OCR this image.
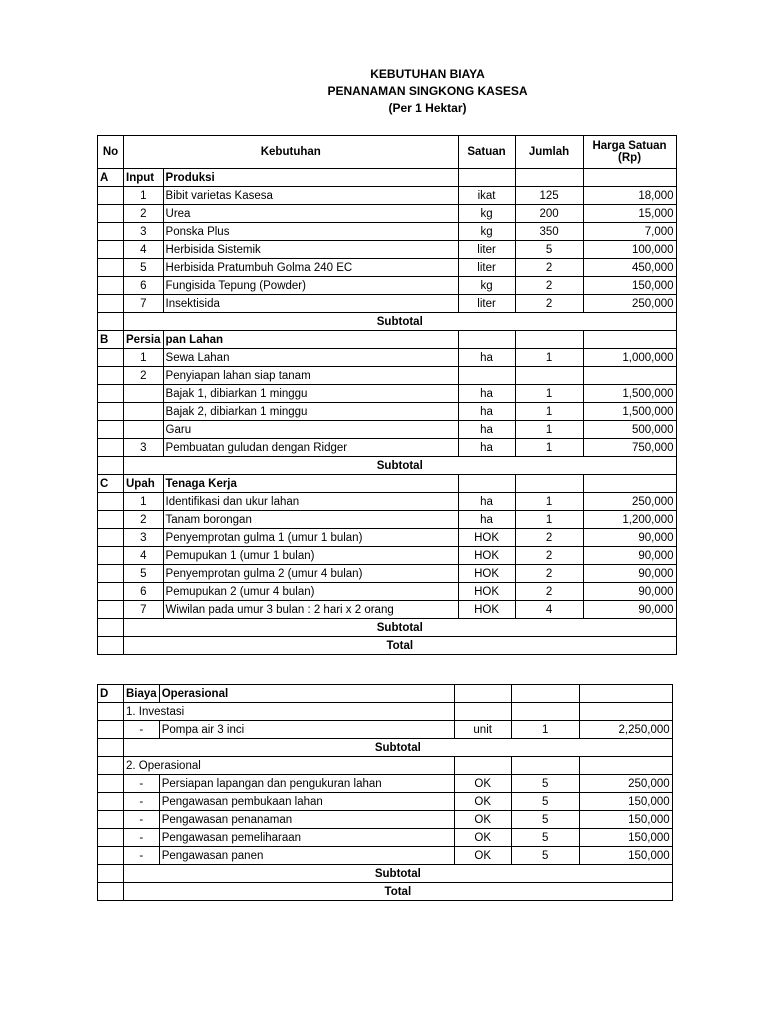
KEBUTUHAN BIAYA
PENANAMAN SINGKONG KASESA
(Per 1 Hektar)
No	Kebutuhan		Satuan	Jumlah	Harga Satuan
(Rp)
A	Input	Produksi			
	1	Bibit varietas Kasesa	ikat	125	18,000
	2	Urea	kg	200	15,000
	3	Ponska Plus	kg	350	7,000
	4	Herbisida Sistemik	liter	5	100,000
	5	Herbisida Pratumbuh Golma 240 EC	liter	2	450,000
	6	Fungisida Tepung (Powder)	kg	2	150,000
	7	Insektisida	liter	2	250,000
	Subtotal				
B	Persia	pan Lahan			
	1	Sewa Lahan	ha	1	1,000,000
	2	Penyiapan lahan siap tanam			
		Bajak 1, dibiarkan 1 minggu	ha	1	1,500,000
		Bajak 2, dibiarkan 1 minggu	ha	1	1,500,000
		Garu	ha	1	500,000
	3	Pembuatan guludan dengan Ridger	ha	1	750,000
	Subtotal				
C	Upah	Tenaga Kerja			
	1	Identifikasi dan ukur lahan	ha	1	250,000
	2	Tanam borongan	ha	1	1,200,000
	3	Penyemprotan gulma 1 (umur 1 bulan)	HOK	2	90,000
	4	Pemupukan 1 (umur 1 bulan)	HOK	2	90,000
	5	Penyemprotan gulma 2 (umur 4 bulan)	HOK	2	90,000
	6	Pemupukan 2 (umur 4 bulan)	HOK	2	90,000
	7	Wiwilan pada umur 3 bulan : 2 hari x 2 orang	HOK	4	90,000
	Subtotal				
	Total				
D	Biaya	Operasional			
	1. Investasi				
	-	Pompa air 3 inci	unit	1	2,250,000
	Subtotal				
	2. Operasional				
	-	Persiapan lapangan dan pengukuran lahan	OK	5	250,000
	-	Pengawasan pembukaan lahan	OK	5	150,000
	-	Pengawasan penanaman	OK	5	150,000
	-	Pengawasan pemeliharaan	OK	5	150,000
	-	Pengawasan panen	OK	5	150,000
	Subtotal				
	Total				
